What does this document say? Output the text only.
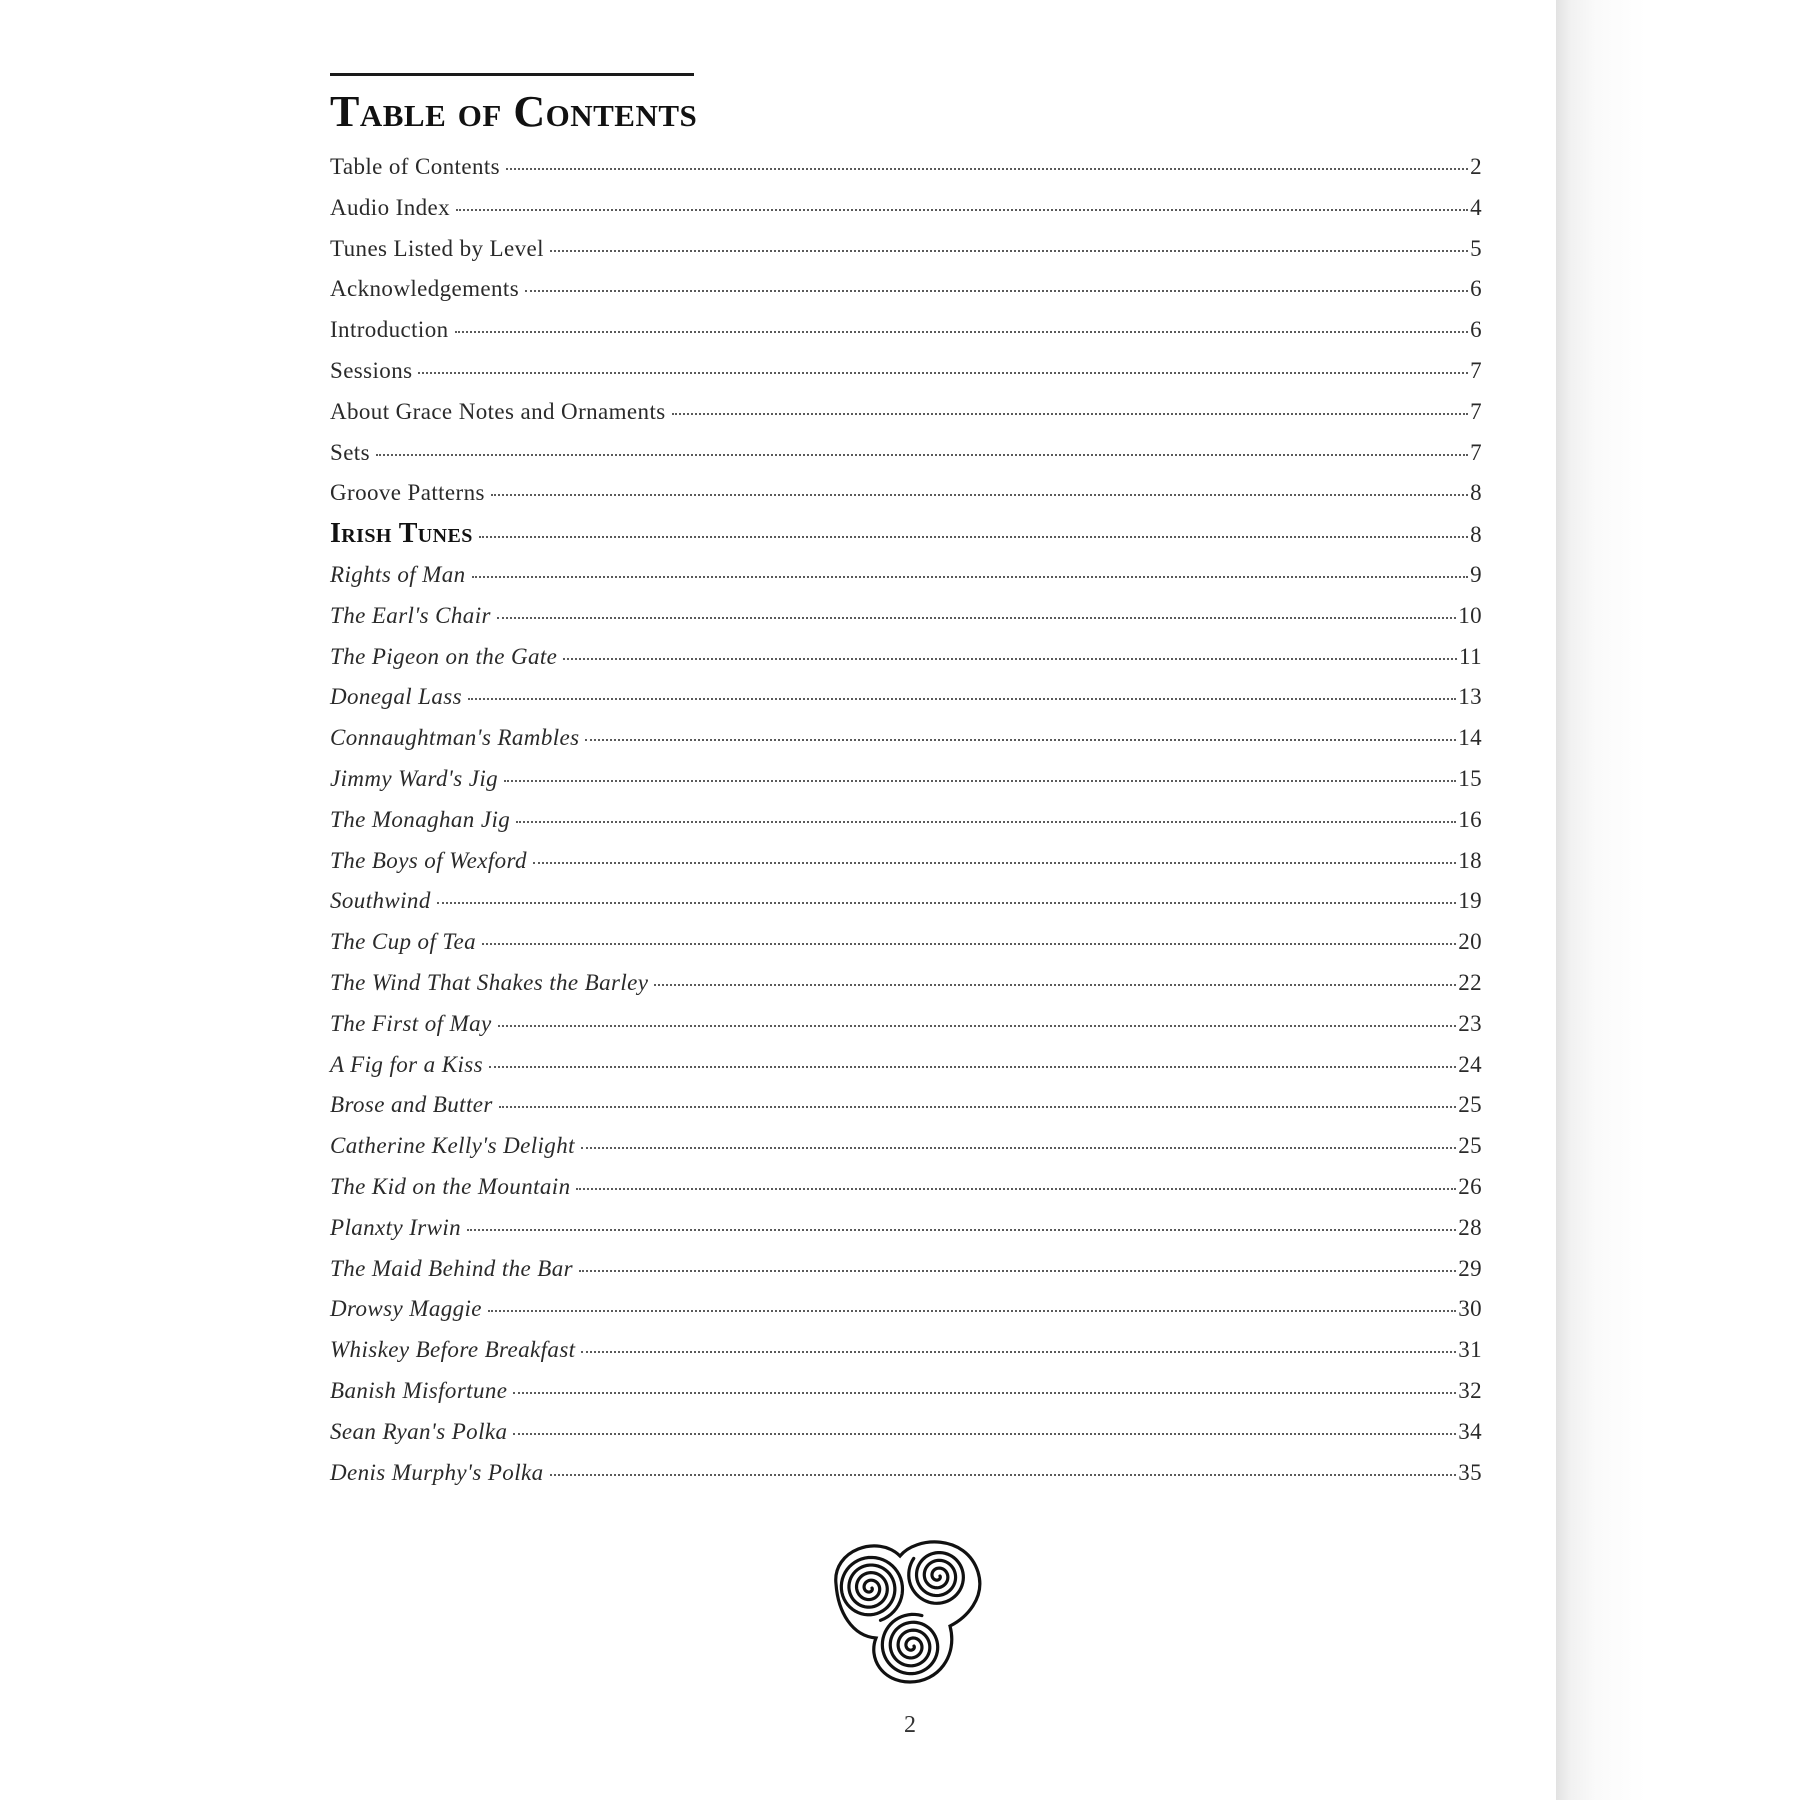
Table of Contents
Table of Contents	2
Audio Index	4
Tunes Listed by Level	5
Acknowledgements	6
Introduction	6
Sessions	7
About Grace Notes and Ornaments	7
Sets	7
Groove Patterns	8
Irish Tunes	8
Rights of Man	9
The Earl's Chair	10
The Pigeon on the Gate	11
Donegal Lass	13
Connaughtman's Rambles	14
Jimmy Ward's Jig	15
The Monaghan Jig	16
The Boys of Wexford	18
Southwind	19
The Cup of Tea	20
The Wind That Shakes the Barley	22
The First of May	23
A Fig for a Kiss	24
Brose and Butter	25
Catherine Kelly's Delight	25
The Kid on the Mountain	26
Planxty Irwin	28
The Maid Behind the Bar	29
Drowsy Maggie	30
Whiskey Before Breakfast	31
Banish Misfortune	32
Sean Ryan's Polka	34
Denis Murphy's Polka	35
2
